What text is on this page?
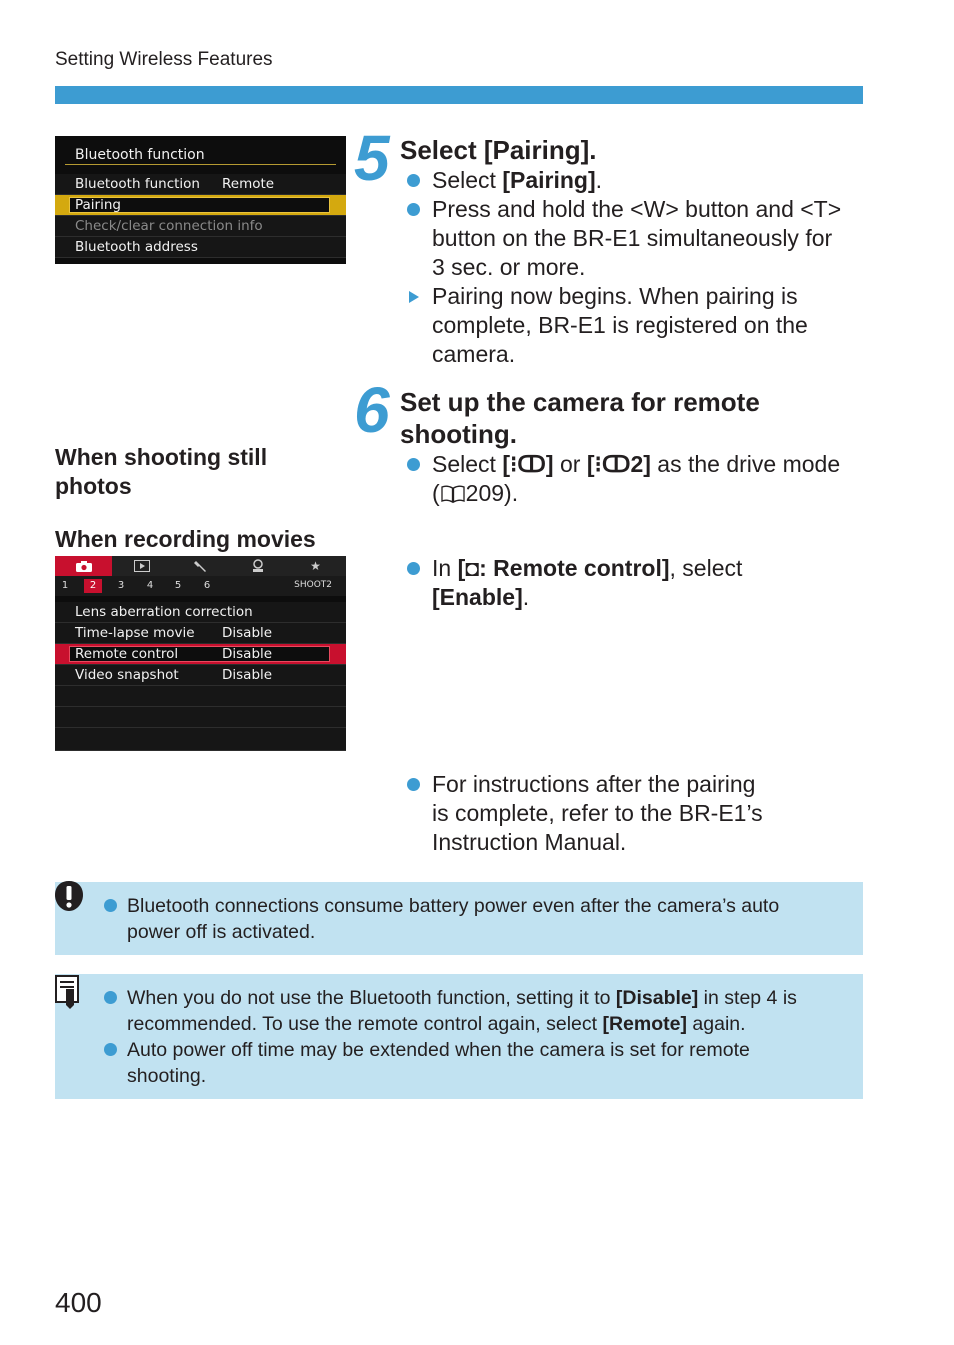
Setting Wireless Features
Bluetooth function
Bluetooth function Remote
Pairing
Check/clear connection info
Bluetooth address
5 Select [Pairing].
Select [Pairing].
Press and hold the <W> button and <T>
button on the BR-E1 simultaneously for
3 sec. or more.
Pairing now begins. When pairing is
complete, BR-E1 is registered on the
camera.
6 Set up the camera for remote
shooting.
Select [⁝ↀ] or [⁝ↀ2] as the drive mode
( 209).
When shooting still
photos
When recording movies
★
1	2	3	4	5	6	SHOOT2
Lens aberration correction
Time-lapse movie Disable
Remote control	Disable
Video snapshot	Disable
In [◘: Remote control], select
[Enable].
For instructions after the pairing
is complete, refer to the BR-E1’s
Instruction Manual.
Bluetooth connections consume battery power even after the camera’s auto
power off is activated.
When you do not use the Bluetooth function, setting it to [Disable] in step 4 is
recommended. To use the remote control again, select [Remote] again.
Auto power off time may be extended when the camera is set for remote
shooting.
400
